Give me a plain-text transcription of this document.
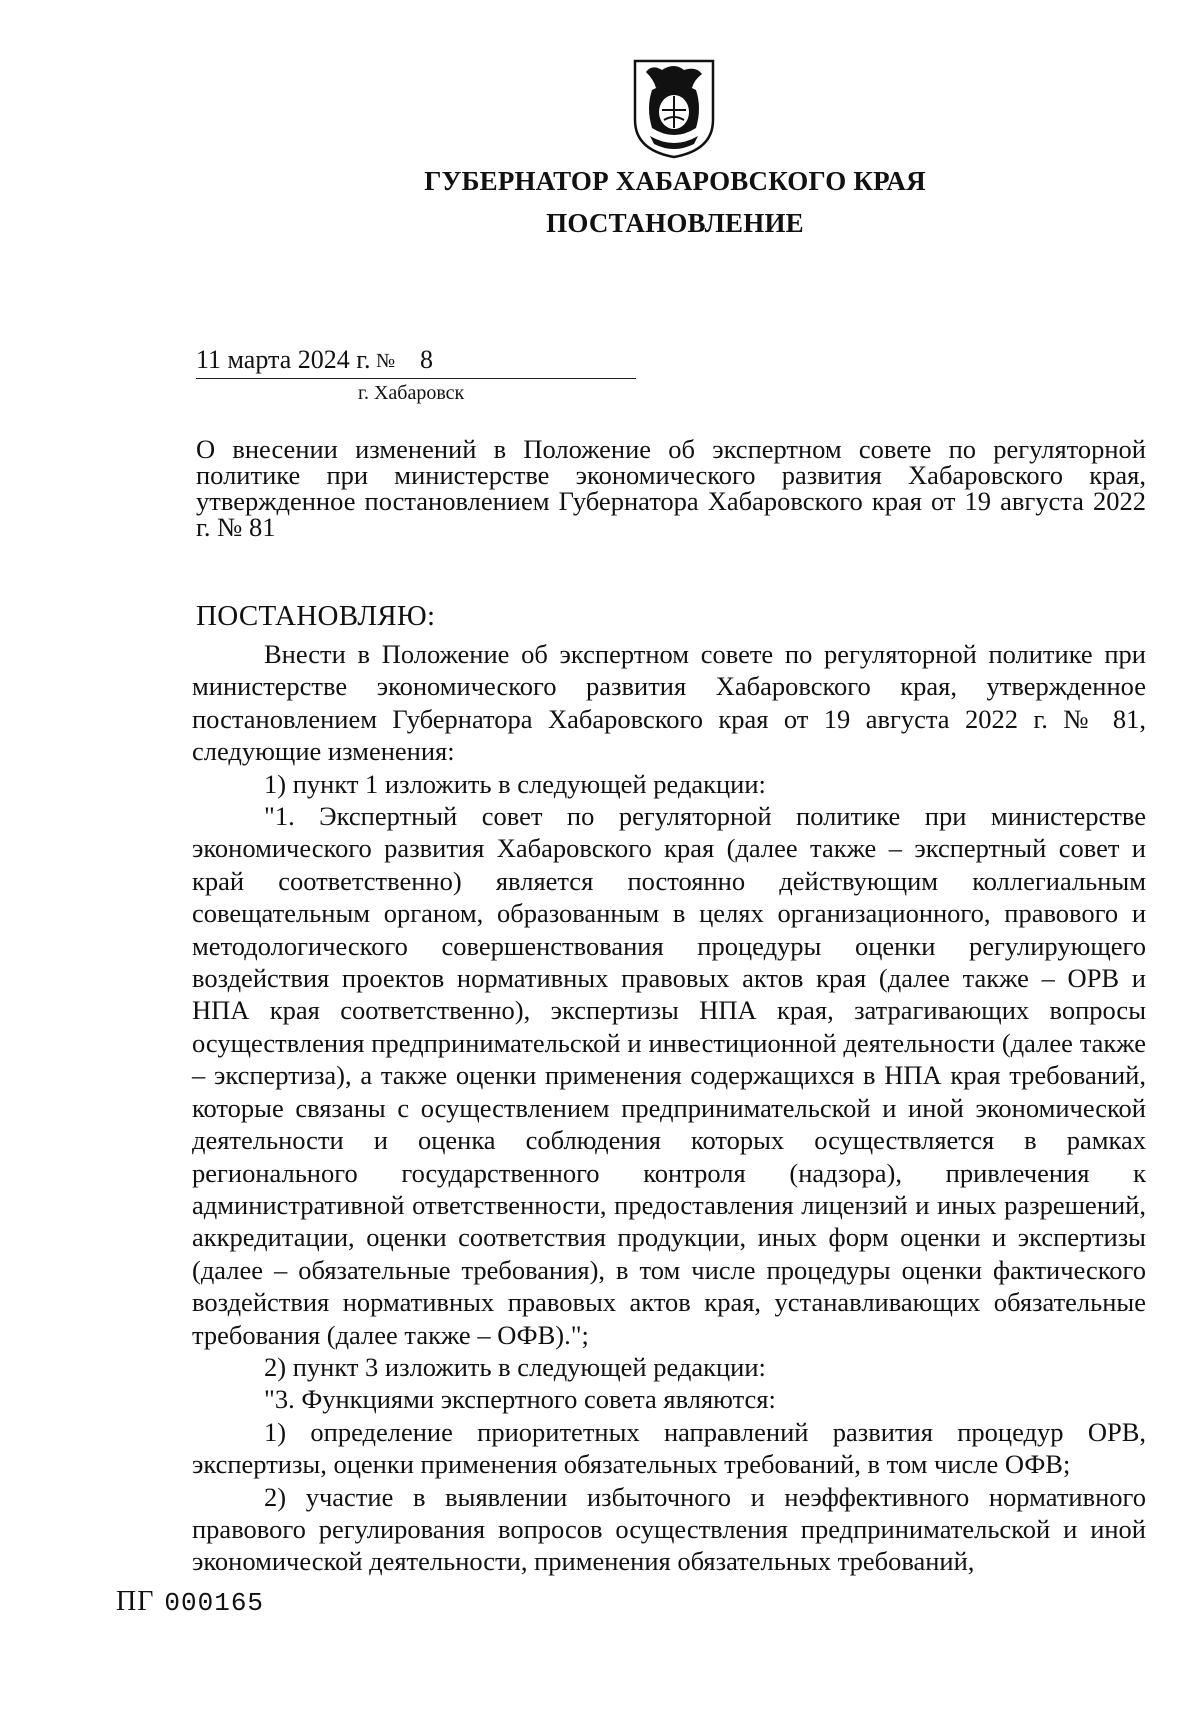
ГУБЕРНАТОР ХАБАРОВСКОГО КРАЯ
ПОСТАНОВЛЕНИЕ
11 марта 2024 г. № 8
г. Хабаровск
О внесении изменений в Положение об экспертном совете по регуляторной политике при министерстве экономического развития Хабаровского края, утвержденное постановлением Губернатора Хабаровского края от 19 августа 2022 г. № 81
ПОСТАНОВЛЯЮ:

Внести в Положение об экспертном совете по регуляторной политике при министерстве экономического развития Хабаровского края, утвержденное постановлением Губернатора Хабаровского края от 19 августа 2022 г. № 81, следующие изменения:

1) пункт 1 изложить в следующей редакции:

"1. Экспертный совет по регуляторной политике при министерстве экономического развития Хабаровского края (далее также – экспертный совет и край соответственно) является постоянно действующим коллегиальным совещательным органом, образованным в целях организационного, правового и методологического совершенствования процедуры оценки регулирующего воздействия проектов нормативных правовых актов края (далее также – ОРВ и НПА края соответственно), экспертизы НПА края, затрагивающих вопросы осуществления предпринимательской и инвестиционной деятельности (далее также – экспертиза), а также оценки применения содержащихся в НПА края требований, которые связаны с осуществлением предпринимательской и иной экономической деятельности и оценка соблюдения которых осуществляется в рамках регионального государственного контроля (надзора), привлечения к административной ответственности, предоставления лицензий и иных разрешений, аккредитации, оценки соответствия продукции, иных форм оценки и экспертизы (далее – обязательные требования), в том числе процедуры оценки фактического воздействия нормативных правовых актов края, устанавливающих обязательные требования (далее также – ОФВ).";

2) пункт 3 изложить в следующей редакции:

"3. Функциями экспертного совета являются:

1) определение приоритетных направлений развития процедур ОРВ, экспертизы, оценки применения обязательных требований, в том числе ОФВ;

2) участие в выявлении избыточного и неэффективного нормативного правового регулирования вопросов осуществления предпринимательской и иной экономической деятельности, применения обязательных требований,

ПГ 000165
